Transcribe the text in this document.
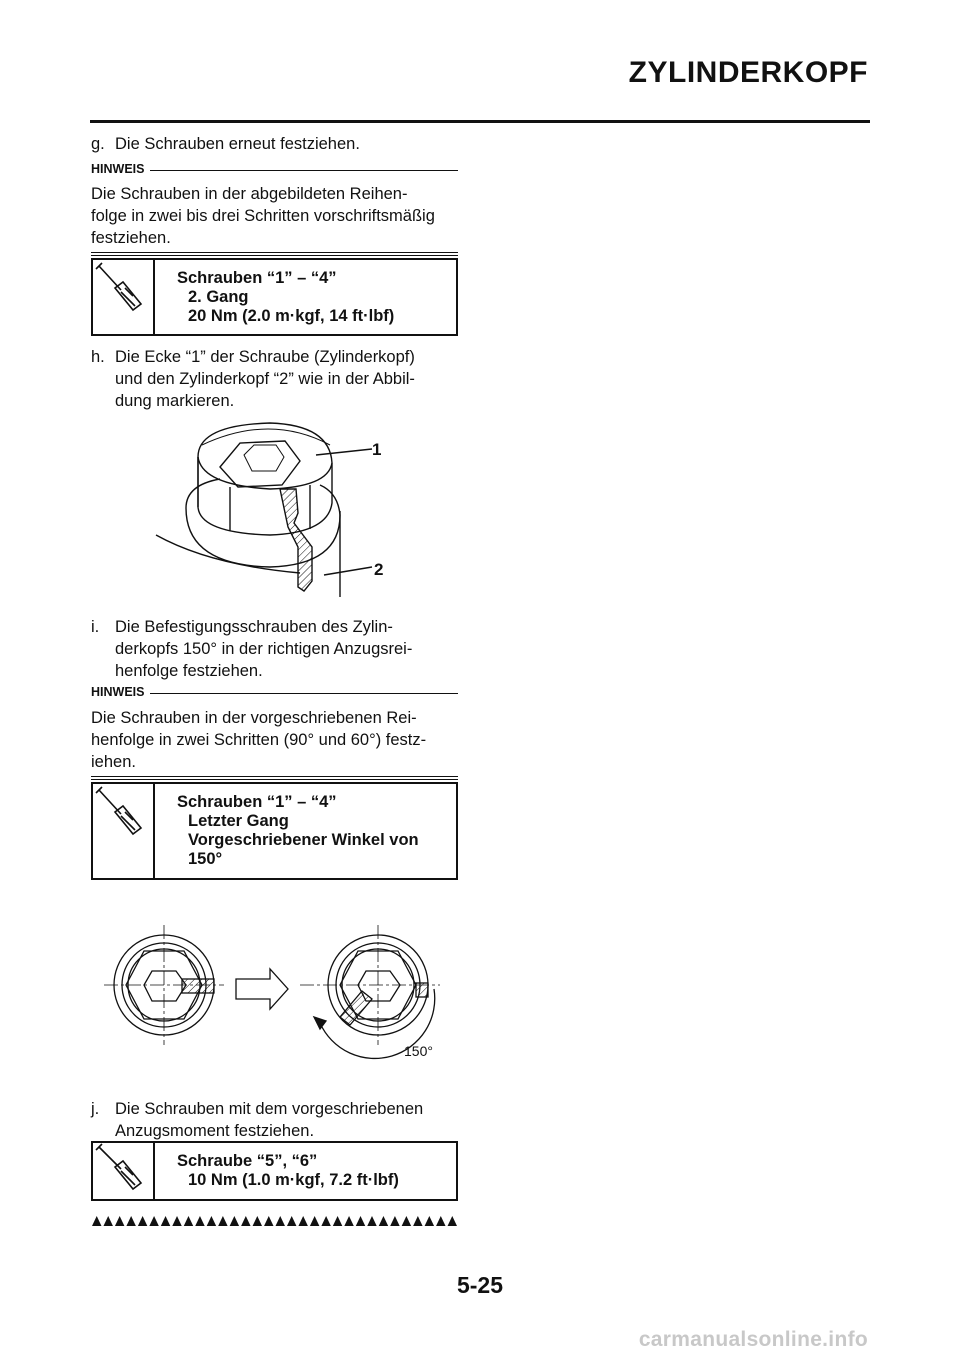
ZYLINDERKOPF
g. Die Schrauben erneut festziehen.
HINWEIS
Die Schrauben in der abgebildeten Reihen-
folge in zwei bis drei Schritten vorschriftsmäßig
festziehen.
Schrauben “1” – “4”
2. Gang
20 Nm (2.0 m·kgf, 14 ft·lbf)
h. Die Ecke “1” der Schraube (Zylinderkopf)
und den Zylinderkopf “2” wie in der Abbil-
dung markieren.
1
2
i. Die Befestigungsschrauben des Zylin-
derkopfs 150° in der richtigen Anzugsrei-
henfolge festziehen.
HINWEIS
Die Schrauben in der vorgeschriebenen Rei-
henfolge in zwei Schritten (90° und 60°) festz-
iehen.
Schrauben “1” – “4”
Letzter Gang
Vorgeschriebener Winkel von
150°
150°
j. Die Schrauben mit dem vorgeschriebenen
Anzugsmoment festziehen.
Schraube “5”, “6”
10 Nm (1.0 m·kgf, 7.2 ft·lbf)
5-25
carmanualsonline.info
